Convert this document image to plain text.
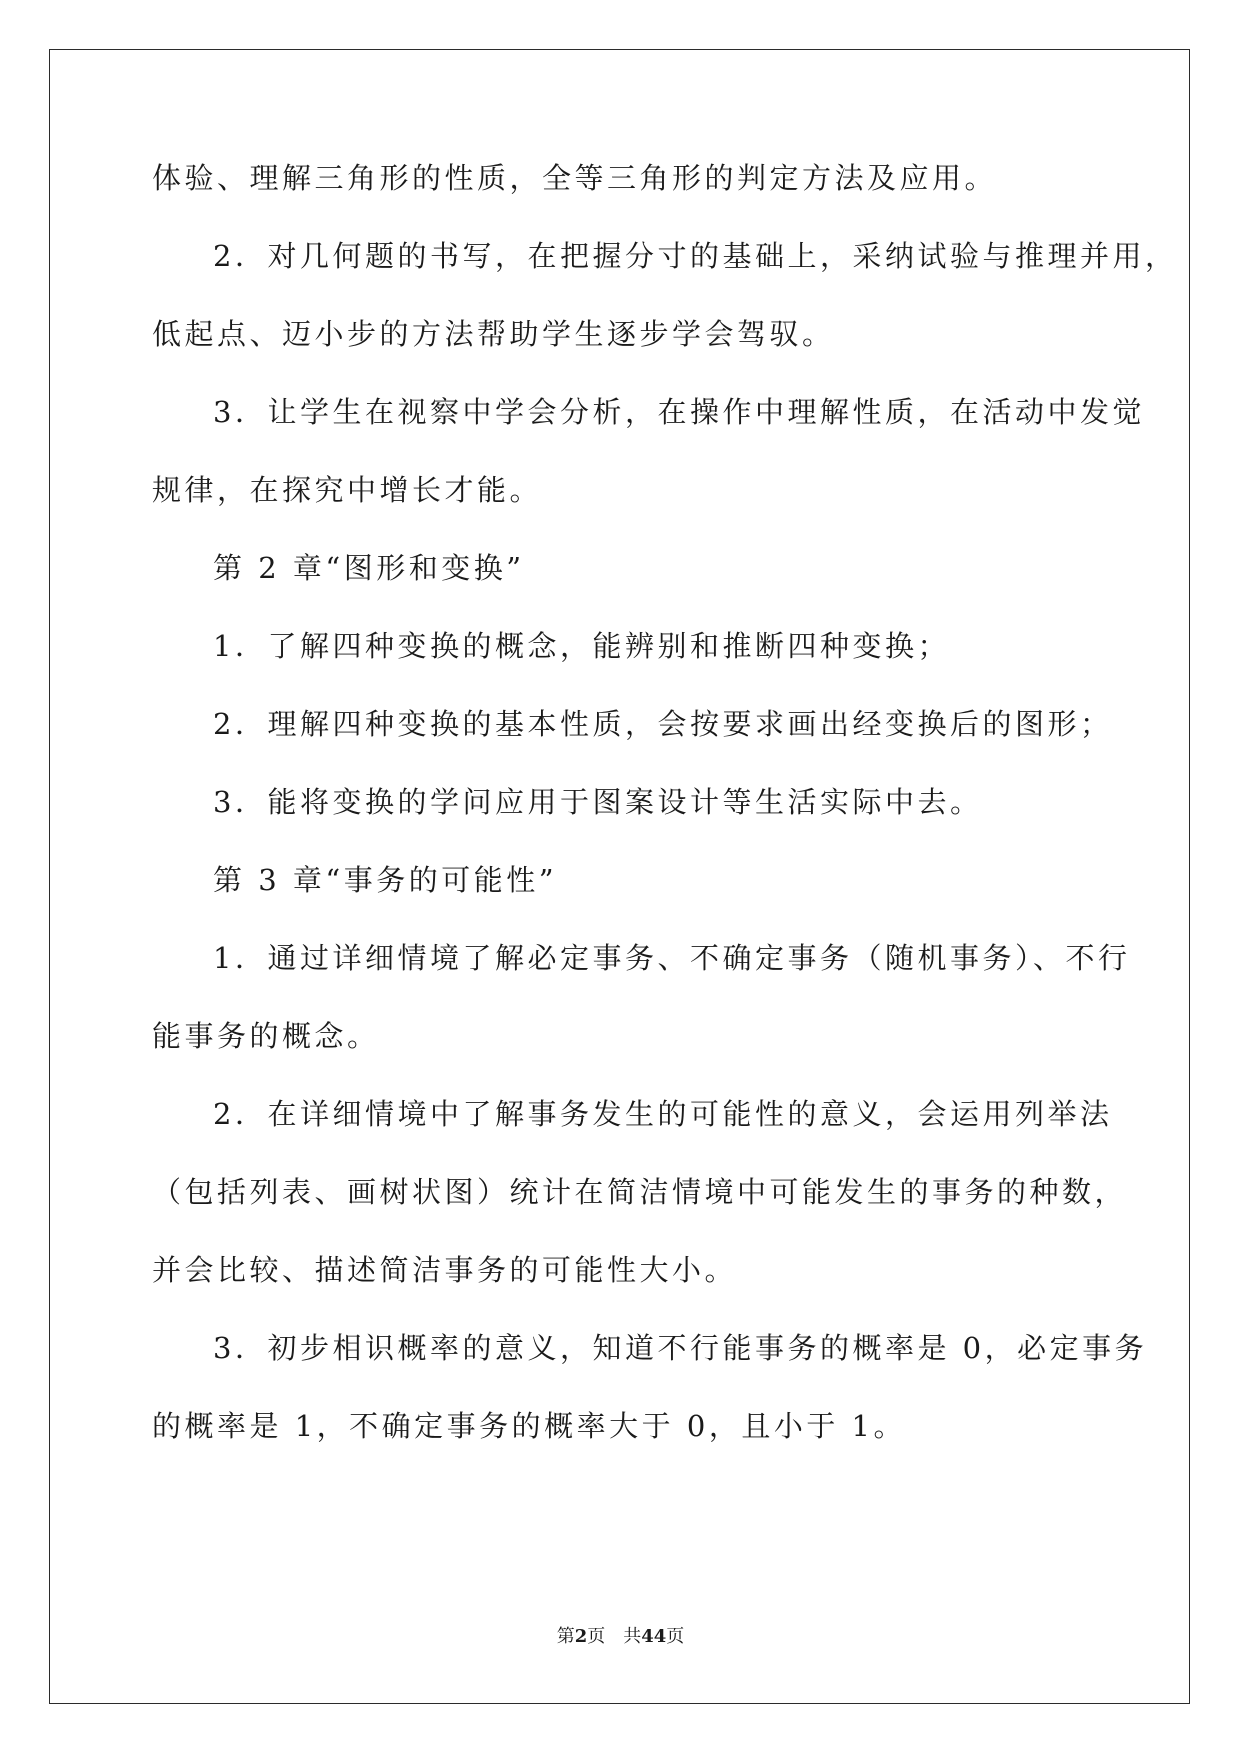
体验、理解三角形的性质，全等三角形的判定方法及应用。
2．对几何题的书写，在把握分寸的基础上，采纳试验与推理并用，
低起点、迈小步的方法帮助学生逐步学会驾驭。
3．让学生在视察中学会分析，在操作中理解性质，在活动中发觉
规律，在探究中增长才能。
第 2 章“图形和变换”
1．了解四种变换的概念，能辨别和推断四种变换；
2．理解四种变换的基本性质，会按要求画出经变换后的图形；
3．能将变换的学问应用于图案设计等生活实际中去。
第 3 章“事务的可能性”
1．通过详细情境了解必定事务、不确定事务（随机事务）、不行
能事务的概念。
2．在详细情境中了解事务发生的可能性的意义，会运用列举法
（包括列表、画树状图）统计在简洁情境中可能发生的事务的种数，
并会比较、描述简洁事务的可能性大小。
3．初步相识概率的意义，知道不行能事务的概率是 0，必定事务
的概率是 1，不确定事务的概率大于 0，且小于 1。
第2页　共44页
